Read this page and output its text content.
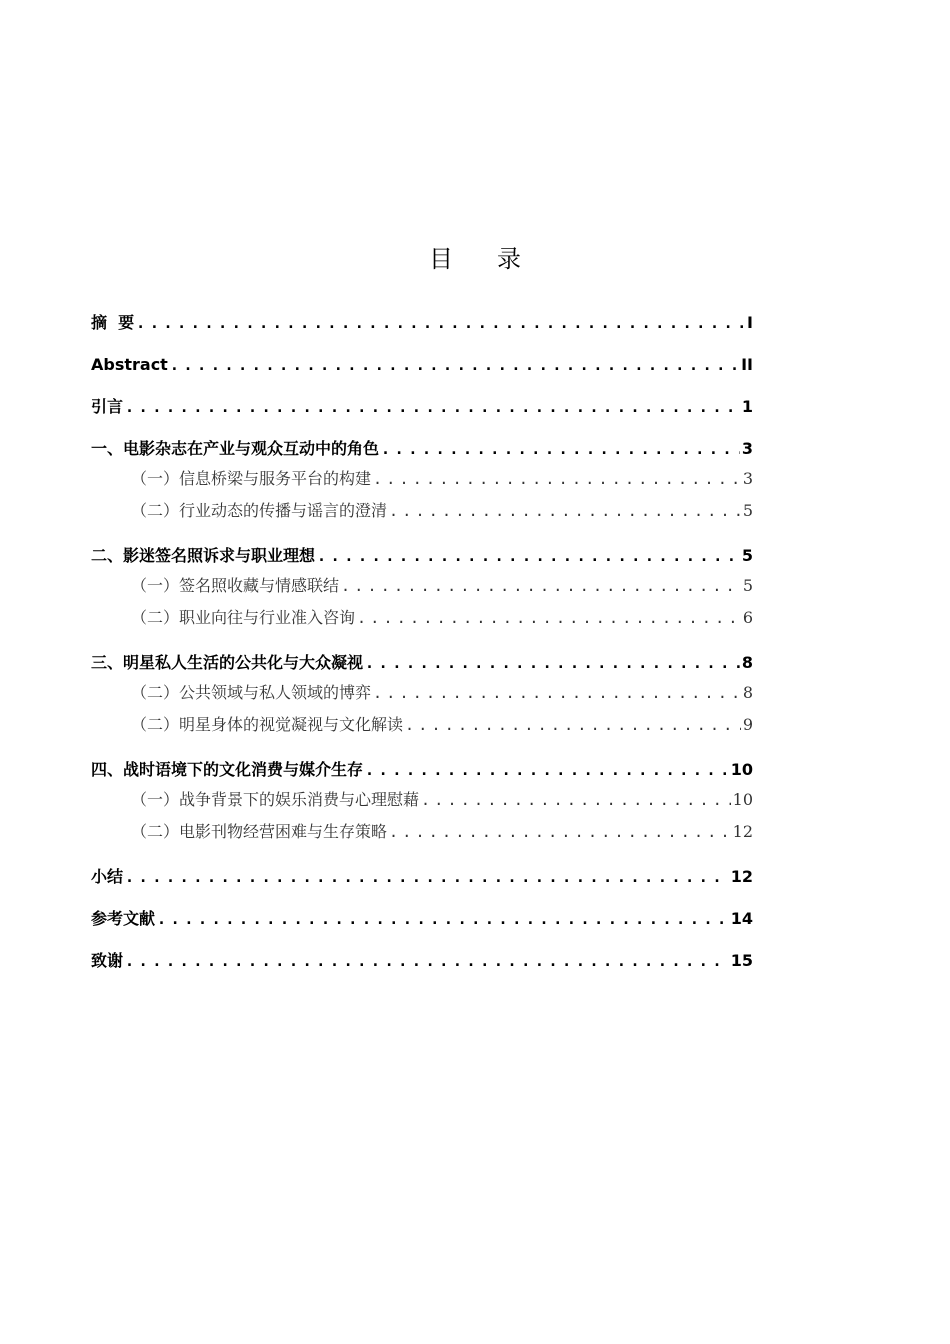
目录
摘  要 . . .	I
Abstract . . .	II
引言 . . .	1
一、电影杂志在产业与观众互动中的角色 . . .	3
（一）信息桥梁与服务平台的构建 . . .	3
（二）行业动态的传播与谣言的澄清 . . .	5
二、影迷签名照诉求与职业理想 . . .	5
（一）签名照收藏与情感联结 . . .	5
（二）职业向往与行业准入咨询 . . .	6
三、明星私人生活的公共化与大众凝视 . . .	8
（二）公共领域与私人领域的博弈 . . .	8
（二）明星身体的视觉凝视与文化解读 . . .	9
四、战时语境下的文化消费与媒介生存 . . .	10
（一）战争背景下的娱乐消费与心理慰藉 . . .	10
（二）电影刊物经营困难与生存策略 . . .	12
小结 . . .	12
参考文献 . . .	14
致谢 . . .	15
